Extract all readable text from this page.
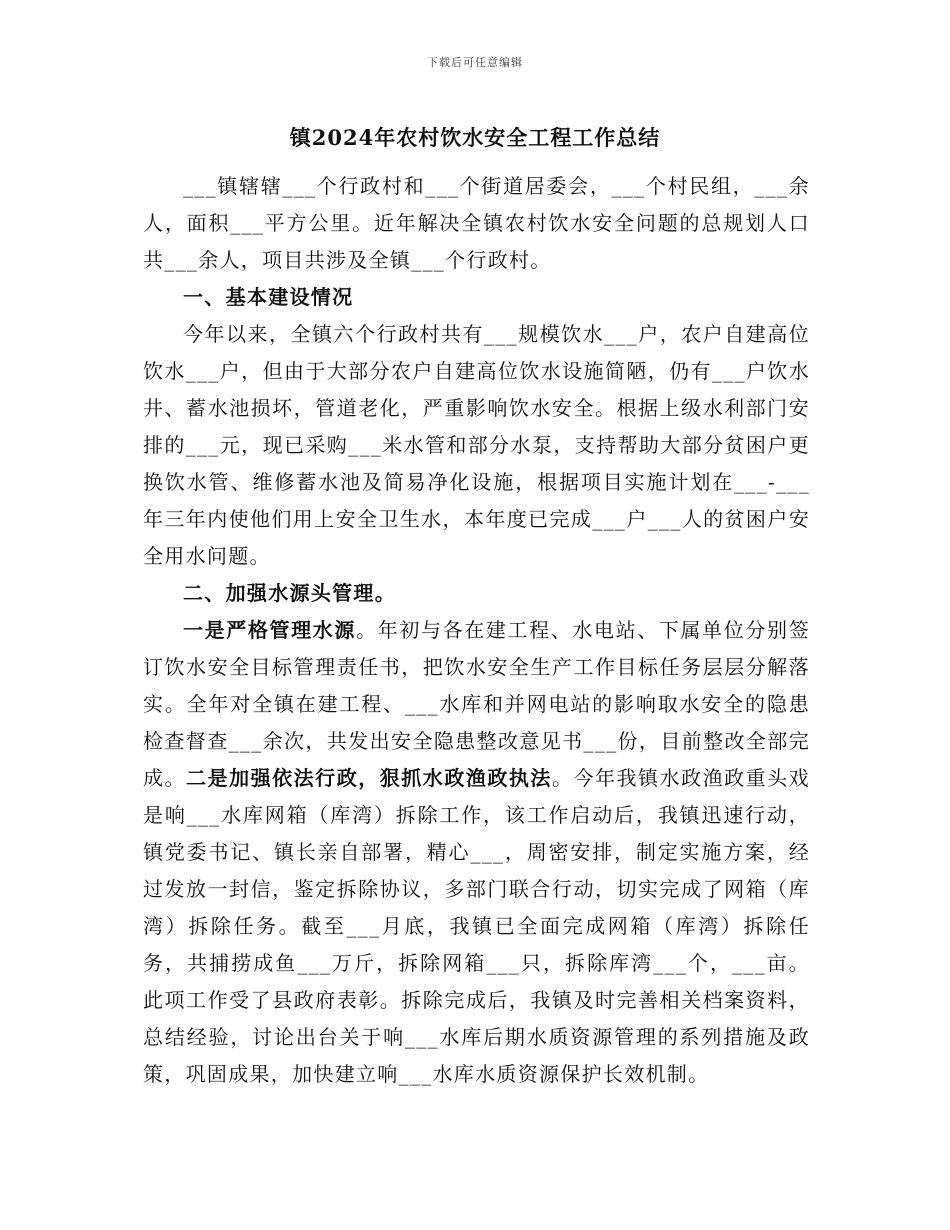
下载后可任意编辑
镇2024年农村饮水安全工程工作总结

___镇辖辖___个行政村和___个街道居委会，___个村民组，___余人，面积___平方公里。近年解决全镇农村饮水安全问题的总规划人口共___余人，项目共涉及全镇___个行政村。

一、基本建设情况

今年以来，全镇六个行政村共有___规模饮水___户，农户自建高位饮水___户，但由于大部分农户自建高位饮水设施简陋，仍有___户饮水井、蓄水池损坏，管道老化，严重影响饮水安全。根据上级水利部门安排的___元，现已采购___米水管和部分水泵，支持帮助大部分贫困户更换饮水管、维修蓄水池及简易净化设施，根据项目实施计划在___-___年三年内使他们用上安全卫生水，本年度已完成___户___人的贫困户安全用水问题。

二、加强水源头管理。

一是严格管理水源。年初与各在建工程、水电站、下属单位分别签订饮水安全目标管理责任书，把饮水安全生产工作目标任务层层分解落实。全年对全镇在建工程、___水库和并网电站的影响取水安全的隐患检查督查___余次，共发出安全隐患整改意见书___份，目前整改全部完成。二是加强依法行政，狠抓水政渔政执法。今年我镇水政渔政重头戏是响___水库网箱（库湾）拆除工作，该工作启动后，我镇迅速行动，镇党委书记、镇长亲自部署，精心___，周密安排，制定实施方案，经过发放一封信，鉴定拆除协议，多部门联合行动，切实完成了网箱（库湾）拆除任务。截至___月底，我镇已全面完成网箱（库湾）拆除任务，共捕捞成鱼___万斤，拆除网箱___只，拆除库湾___个，___亩。此项工作受了县政府表彰。拆除完成后，我镇及时完善相关档案资料，总结经验，讨论出台关于响___水库后期水质资源管理的系列措施及政策，巩固成果，加快建立响___水库水质资源保护长效机制。
